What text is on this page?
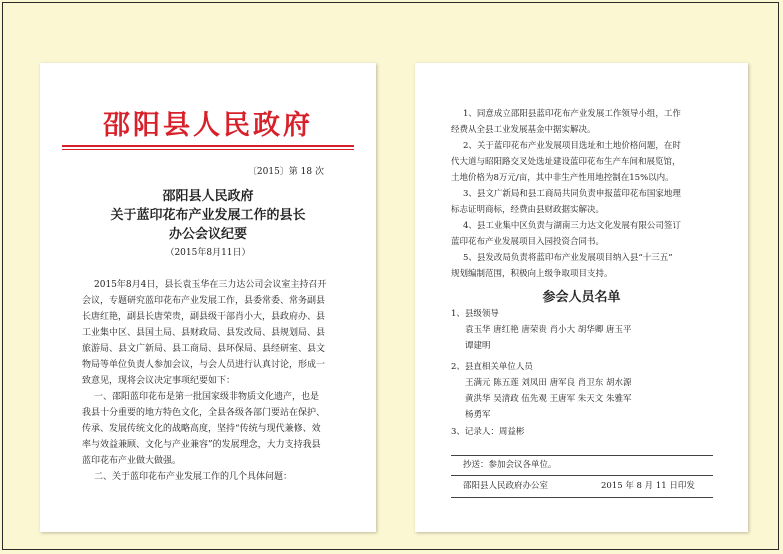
邵阳县人民政府
〔2015〕第 18 次
邵阳县人民政府
关于蓝印花布产业发展工作的县长
办公会议纪要
（2015年8月11日）
2015年8月4日，县长袁玉华在三力达公司会议室主持召开
会议，专题研究蓝印花布产业发展工作，县委常委、常务副县
长唐红艳，副县长唐荣贵，副县级干部肖小大，县政府办、县
工业集中区、县国土局、县财政局、县发改局、县规划局、县
旅游局、县文广新局、县工商局、县环保局、县经研室、县文
物局等单位负责人参加会议，与会人员进行认真讨论，形成一
致意见，现将会议决定事项纪要如下：
一、邵阳蓝印花布是第一批国家级非物质文化遗产，也是
我县十分重要的地方特色文化，全县各级各部门要站在保护、
传承、发展传统文化的战略高度，坚持“传统与现代兼修、效
率与效益兼顾、文化与产业兼容”的发展理念，大力支持我县
蓝印花布产业做大做强。
二、关于蓝印花布产业发展工作的几个具体问题：
1、同意成立邵阳县蓝印花布产业发展工作领导小组，工作
经费从全县工业发展基金中据实解决。
2、关于蓝印花布产业发展项目选址和土地价格问题，在时
代大道与昭阳路交叉处选址建设蓝印花布生产车间和展览馆，
土地价格为8万元/亩，其中非生产性用地控制在15%以内。
3、县文广新局和县工商局共同负责申报蓝印花布国家地理
标志证明商标，经费由县财政据实解决。
4、县工业集中区负责与湖南三力达文化发展有限公司签订
蓝印花布产业发展项目入园投资合同书。
5、县发改局负责将蓝印布产业发展项目纳入县“十三五”
规划编制范围，积极向上级争取项目支持。
参会人员名单
1、县级领导
袁玉华 唐红艳 唐荣贵 肖小大 胡华卿 唐玉平
谭建明
2、县直相关单位人员
王满元 陈五莲 刘凤田 唐军良 肖卫东 胡水源
黄洪华 吴清政 伍先观 王唐军 朱天文 朱雅军
杨勇军
3、记录人：周益彬
抄送：参加会议各单位。
邵阳县人民政府办公室	2015 年 8 月 11 日印发
